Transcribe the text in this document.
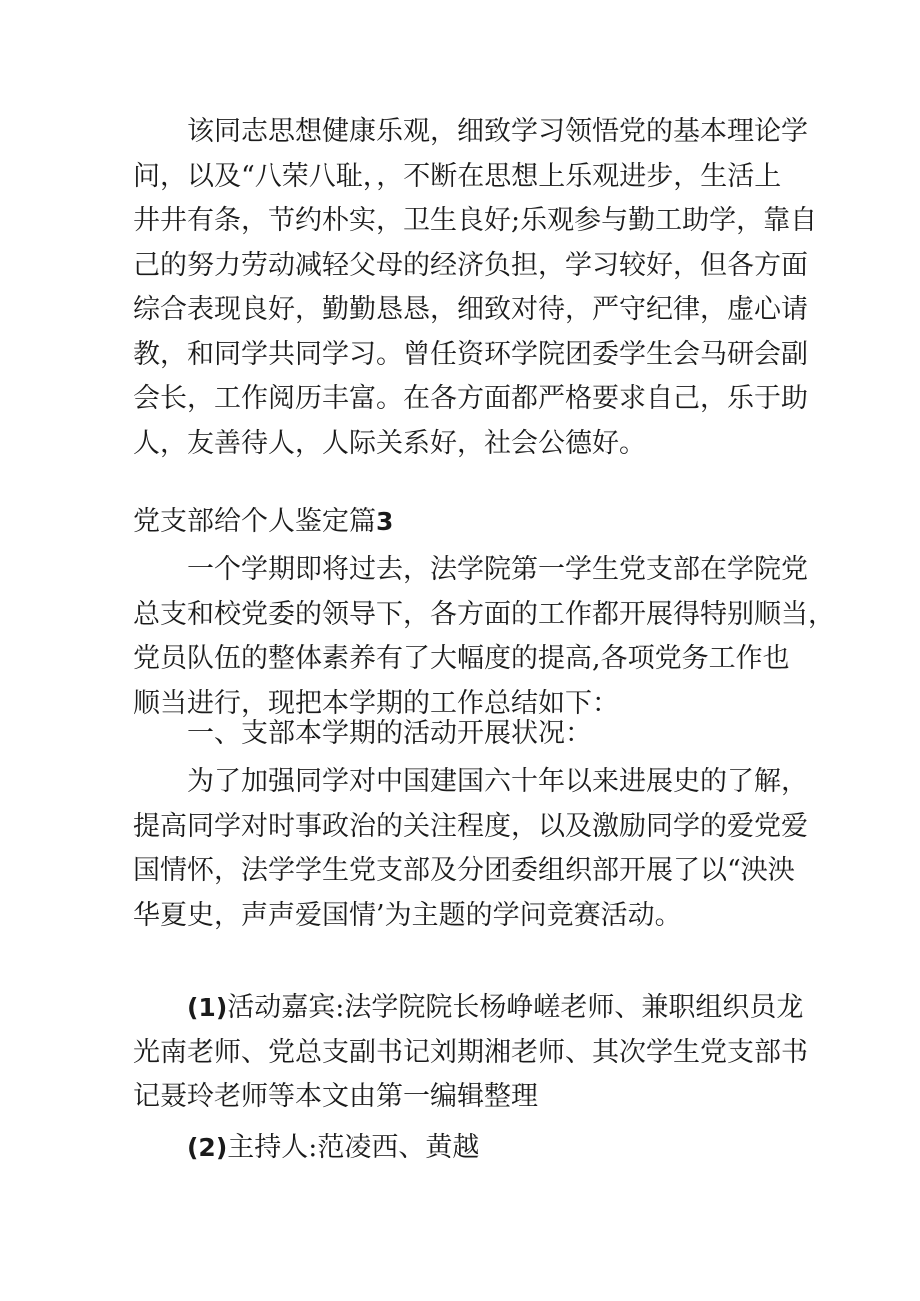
该同志思想健康乐观，细致学习领悟党的基本理论学
问，以及“八荣八耻，，不断在思想上乐观进步，生活上
井井有条，节约朴实，卫生良好;乐观参与勤工助学，靠自
己的努力劳动减轻父母的经济负担，学习较好，但各方面
综合表现良好，勤勤恳恳，细致对待，严守纪律，虚心请
教，和同学共同学习。曾任资环学院团委学生会马研会副
会长，工作阅历丰富。在各方面都严格要求自己，乐于助
人，友善待人，人际关系好，社会公德好。
党支部给个人鉴定篇3
一个学期即将过去，法学院第一学生党支部在学院党
总支和校党委的领导下，各方面的工作都开展得特别顺当，
党员队伍的整体素养有了大幅度的提高,各项党务工作也
顺当进行，现把本学期的工作总结如下：
一、支部本学期的活动开展状况：
为了加强同学对中国建国六十年以来进展史的了解，
提高同学对时事政治的关注程度，以及激励同学的爱党爱
国情怀，法学学生党支部及分团委组织部开展了以“泱泱
华夏史，声声爱国情’为主题的学问竞赛活动。
(1)活动嘉宾:法学院院长杨峥嵯老师、兼职组织员龙
光南老师、党总支副书记刘期湘老师、其次学生党支部书
记聂玲老师等本文由第一编辑整理
(2)主持人:范凌西、黄越
